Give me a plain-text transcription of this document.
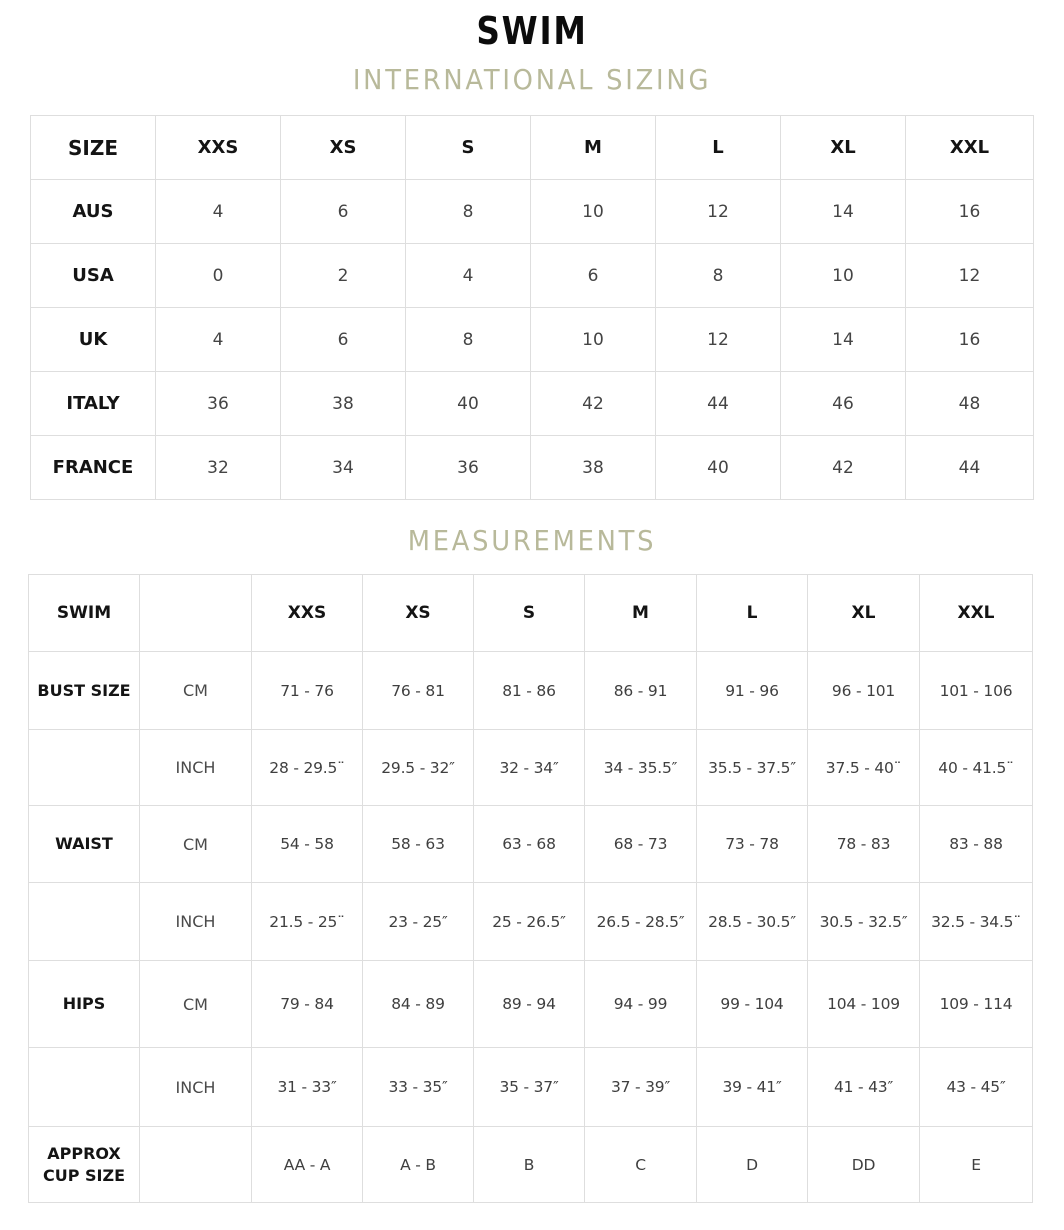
SWIM
INTERNATIONAL SIZING
SIZE	XXS	XS	S	M	L	XL	XXL
AUS	4	6	8	10	12	14	16
USA	0	2	4	6	8	10	12
UK	4	6	8	10	12	14	16
ITALY	36	38	40	42	44	46	48
FRANCE	32	34	36	38	40	42	44
MEASUREMENTS
SWIM		XXS	XS	S	M	L	XL	XXL
BUST SIZE	CM	71 - 76	76 - 81	81 - 86	86 - 91	91 - 96	96 - 101	101 - 106
	INCH	28 - 29.5¨	29.5 - 32″	32 - 34″	34 - 35.5″	35.5 - 37.5″	37.5 - 40¨	40 - 41.5¨
WAIST	CM	54 - 58	58 - 63	63 - 68	68 - 73	73 - 78	78 - 83	83 - 88
	INCH	21.5 - 25¨	23 - 25″	25 - 26.5″	26.5 - 28.5″	28.5 - 30.5″	30.5 - 32.5″	32.5 - 34.5¨
HIPS	CM	79 - 84	84 - 89	89 - 94	94 - 99	99 - 104	104 - 109	109 - 114
	INCH	31 - 33″	33 - 35″	35 - 37″	37 - 39″	39 - 41″	41 - 43″	43 - 45″
APPROX CUP SIZE		AA - A	A - B	B	C	D	DD	E
